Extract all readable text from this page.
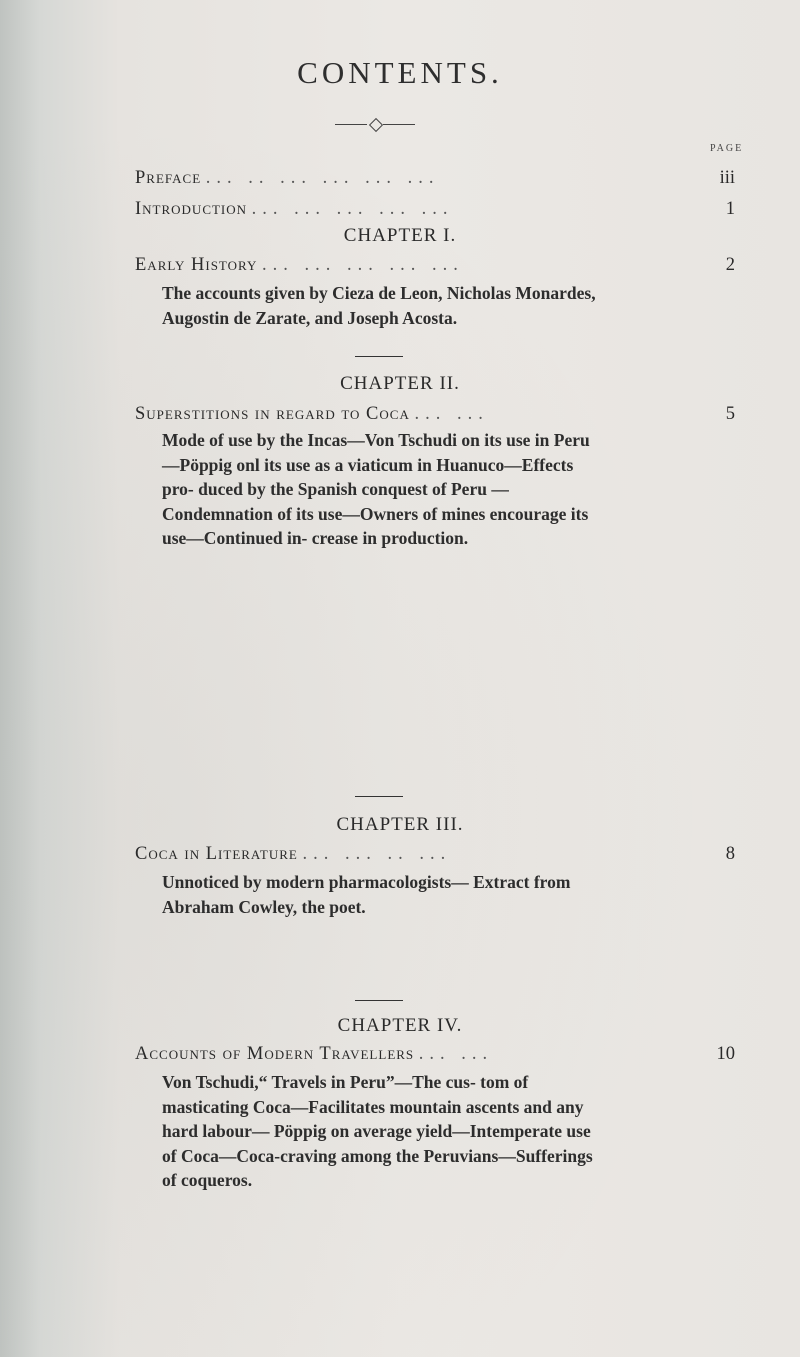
CONTENTS.
PAGE
Preface ... .. ... ... ... ...	iii
Introduction ... ... ... ... ...	1
CHAPTER I.
Early History ... ... ... ... ...	2
The accounts given by Cieza de Leon, Nicholas Monardes, Augostin de Zarate, and Joseph Acosta.
CHAPTER II.
Superstitions in regard to Coca ... ...	5
Mode of use by the Incas—Von Tschudi on its use in Peru—Pöppig onl its use as a viaticum in Huanuco—Effects pro- duced by the Spanish conquest of Peru —Condemnation of its use—Owners of mines encourage its use—Continued in- crease in production.
CHAPTER III.
Coca in Literature ... ... .. ...	8
Unnoticed by modern pharmacologists— Extract from Abraham Cowley, the poet.
CHAPTER IV.
Accounts of Modern Travellers ... ...	10
Von Tschudi,“ Travels in Peru”—The cus- tom of masticating Coca—Facilitates mountain ascents and any hard labour— Pöppig on average yield—Intemperate use of Coca—Coca-craving among the Peruvians—Sufferings of coqueros.
